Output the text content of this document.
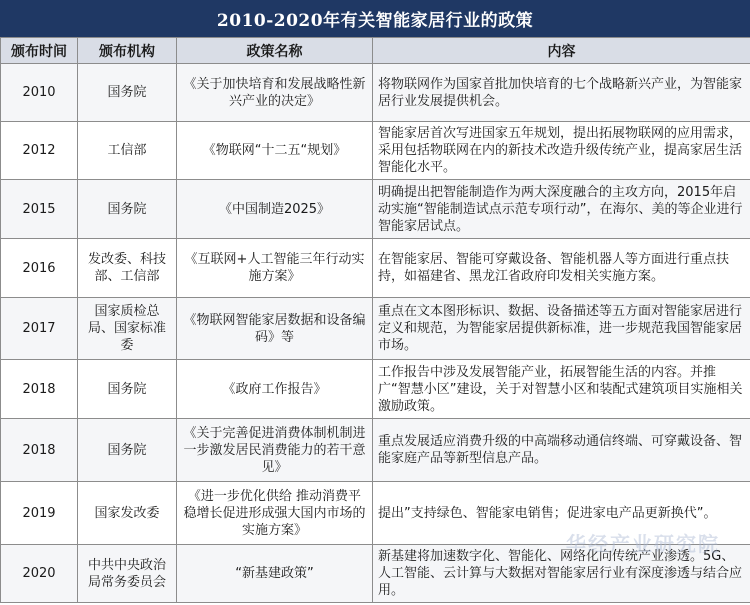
2010-2020年有关智能家居行业的政策
颁布时间	颁布机构	政策名称	内容
2010	国务院	《关于加快培育和发展战略性新兴产业的决定》	将物联网作为国家首批加快培育的七个战略新兴产业，为智能家居行业发展提供机会。
2012	工信部	《物联网“十二五“规划》	智能家居首次写进国家五年规划，提出拓展物联网的应用需求，采用包括物联网在内的新技术改造升级传统产业，提高家居生活智能化水平。
2015	国务院	《中国制造2025》	明确提出把智能制造作为两大深度融合的主攻方向，2015年启动实施“智能制造试点示范专项行动”，在海尔、美的等企业进行智能家居试点。
2016	发改委、科技部、工信部	《互联网+人工智能三年行动实施方案》	在智能家居、智能可穿戴设备、智能机器人等方面进行重点扶持，如福建省、黑龙江省政府印发相关实施方案。
2017	国家质检总局、国家标准委	《物联网智能家居数据和设备编码》等	重点在文本图形标识、数据、设备描述等五方面对智能家居进行定义和规范，为智能家居提供新标准，进一步规范我国智能家居市场。
2018	国务院	《政府工作报告》	工作报告中涉及发展智能产业，拓展智能生活的内容。并推广“智慧小区”建设，关于对智慧小区和装配式建筑项目实施相关激励政策。
2018	国务院	《关于完善促进消费体制机制进一步激发居民消费能力的若干意见》	重点发展适应消费升级的中高端移动通信终端、可穿戴设备、智能家庭产品等新型信息产品。
2019	国家发改委	《进一步优化供给 推动消费平稳增长促进形成强大国内市场的实施方案》	提出”支持绿色、智能家电销售；促进家电产品更新换代”。
2020	中共中央政治局常务委员会	“新基建政策”	新基建将加速数字化、智能化、网络化向传统产业渗透。5G、人工智能、云计算与大数据对智能家居行业有深度渗透与结合应用。
华经产业研究院
